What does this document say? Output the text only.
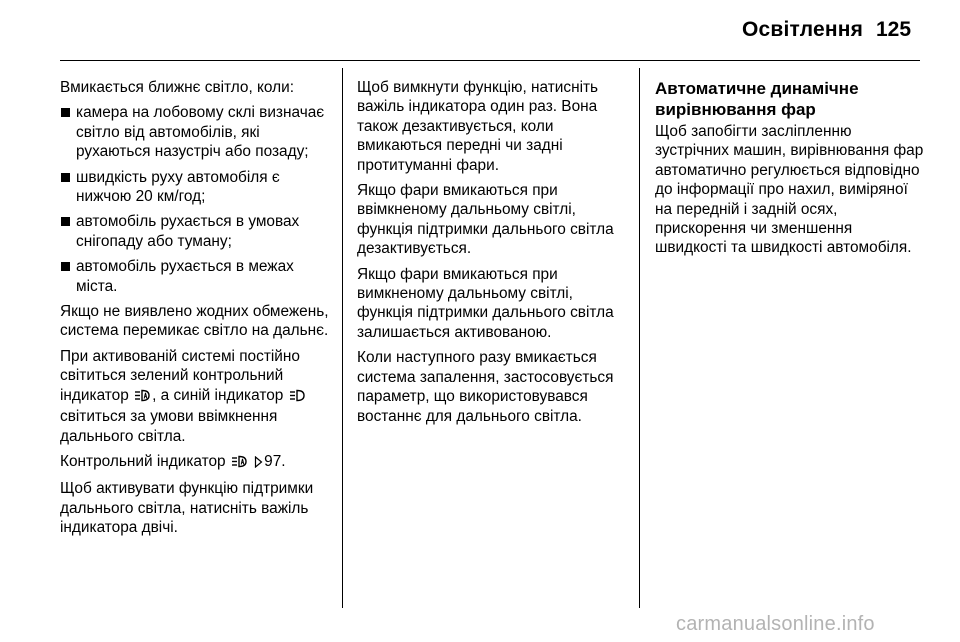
Освітлення 125

Вмикається ближнє світло, коли:

камера на лобовому склі визначає світло від автомобілів, які рухаються назустріч або позаду;
швидкість руху автомобіля є нижчою 20 км/год;
автомобіль рухається в умовах снігопаду або туману;
автомобіль рухається в межах міста.

Якщо не виявлено жодних обмежень, система перемикає світло на дальнє.

При активованій системі постійно світиться зелений контрольний індикатор , а синій індикатор  світиться за умови ввімкнення дальнього світла.

Контрольний індикатор	97.

Щоб активувати функцію підтримки дальнього світла, натисніть важіль індикатора двічі.

Щоб вимкнути функцію, натисніть важіль індикатора один раз. Вона також дезактивується, коли вмикаються передні чи задні протитуманні фари.

Якщо фари вмикаються при ввімкненому дальньому світлі, функція підтримки дальнього світла дезактивується.

Якщо фари вмикаються при вимкненому дальньому світлі, функція підтримки дальнього світла залишається активованою.

Коли наступного разу вмикається система запалення, застосовується параметр, що використовувався востаннє для дальнього світла.

Автоматичне динамічне вирівнювання фар

Щоб запобігти засліпленню зустрічних машин, вирівнювання фар автоматично регулюється відповідно до інформації про нахил, виміряної на передній і задній осях, прискорення чи зменшення швидкості та швидкості автомобіля.

carmanualsonline.info
